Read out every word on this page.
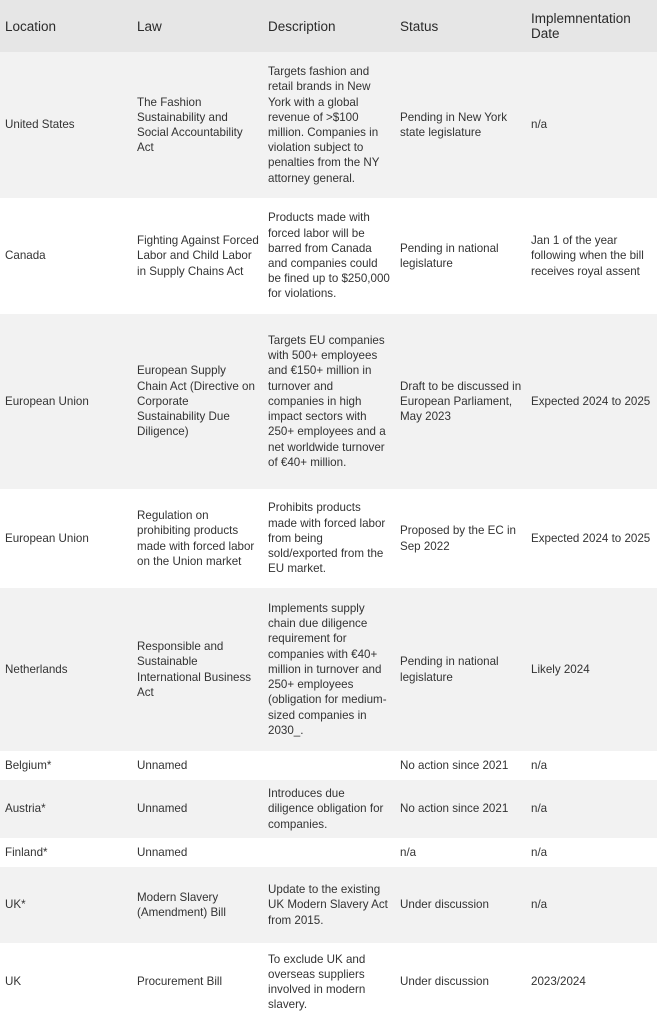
Location	Law	Description	Status	Implemnentation Date
United States	The Fashion Sustainability and Social Accountability Act	Targets fashion and retail brands in New York with a global revenue of >$100 million. Companies in violation subject to penalties from the NY attorney general.	Pending in New York state legislature	n/a
Canada	Fighting Against Forced Labor and Child Labor in Supply Chains Act	Products made with forced labor will be barred from Canada and companies could be fined up to $250,000 for violations.	Pending in national legislature	Jan 1 of the year following when the bill receives royal assent
European Union	European Supply Chain Act (Directive on Corporate Sustainability Due Diligence)	Targets EU companies with 500+ employees and €150+ million in turnover and companies in high impact sectors with 250+ employees and a net worldwide turnover of €40+ million.	Draft to be discussed in European Parliament, May 2023	Expected 2024 to 2025
European Union	Regulation on prohibiting products made with forced labor on the Union market	Prohibits products made with forced labor from being sold/exported from the EU market.	Proposed by the EC in Sep 2022	Expected 2024 to 2025
Netherlands	Responsible and Sustainable International Business Act	Implements supply chain due diligence requirement for companies with €40+ million in turnover and 250+ employees (obligation for medium-sized companies in 2030_.	Pending in national legislature	Likely 2024
Belgium*	Unnamed		No action since 2021	n/a
Austria*	Unnamed	Introduces due diligence obligation for companies.	No action since 2021	n/a
Finland*	Unnamed		n/a	n/a
UK*	Modern Slavery (Amendment) Bill	Update to the existing UK Modern Slavery Act from 2015.	Under discussion	n/a
UK	Procurement Bill	To exclude UK and overseas suppliers involved in modern slavery.	Under discussion	2023/2024
